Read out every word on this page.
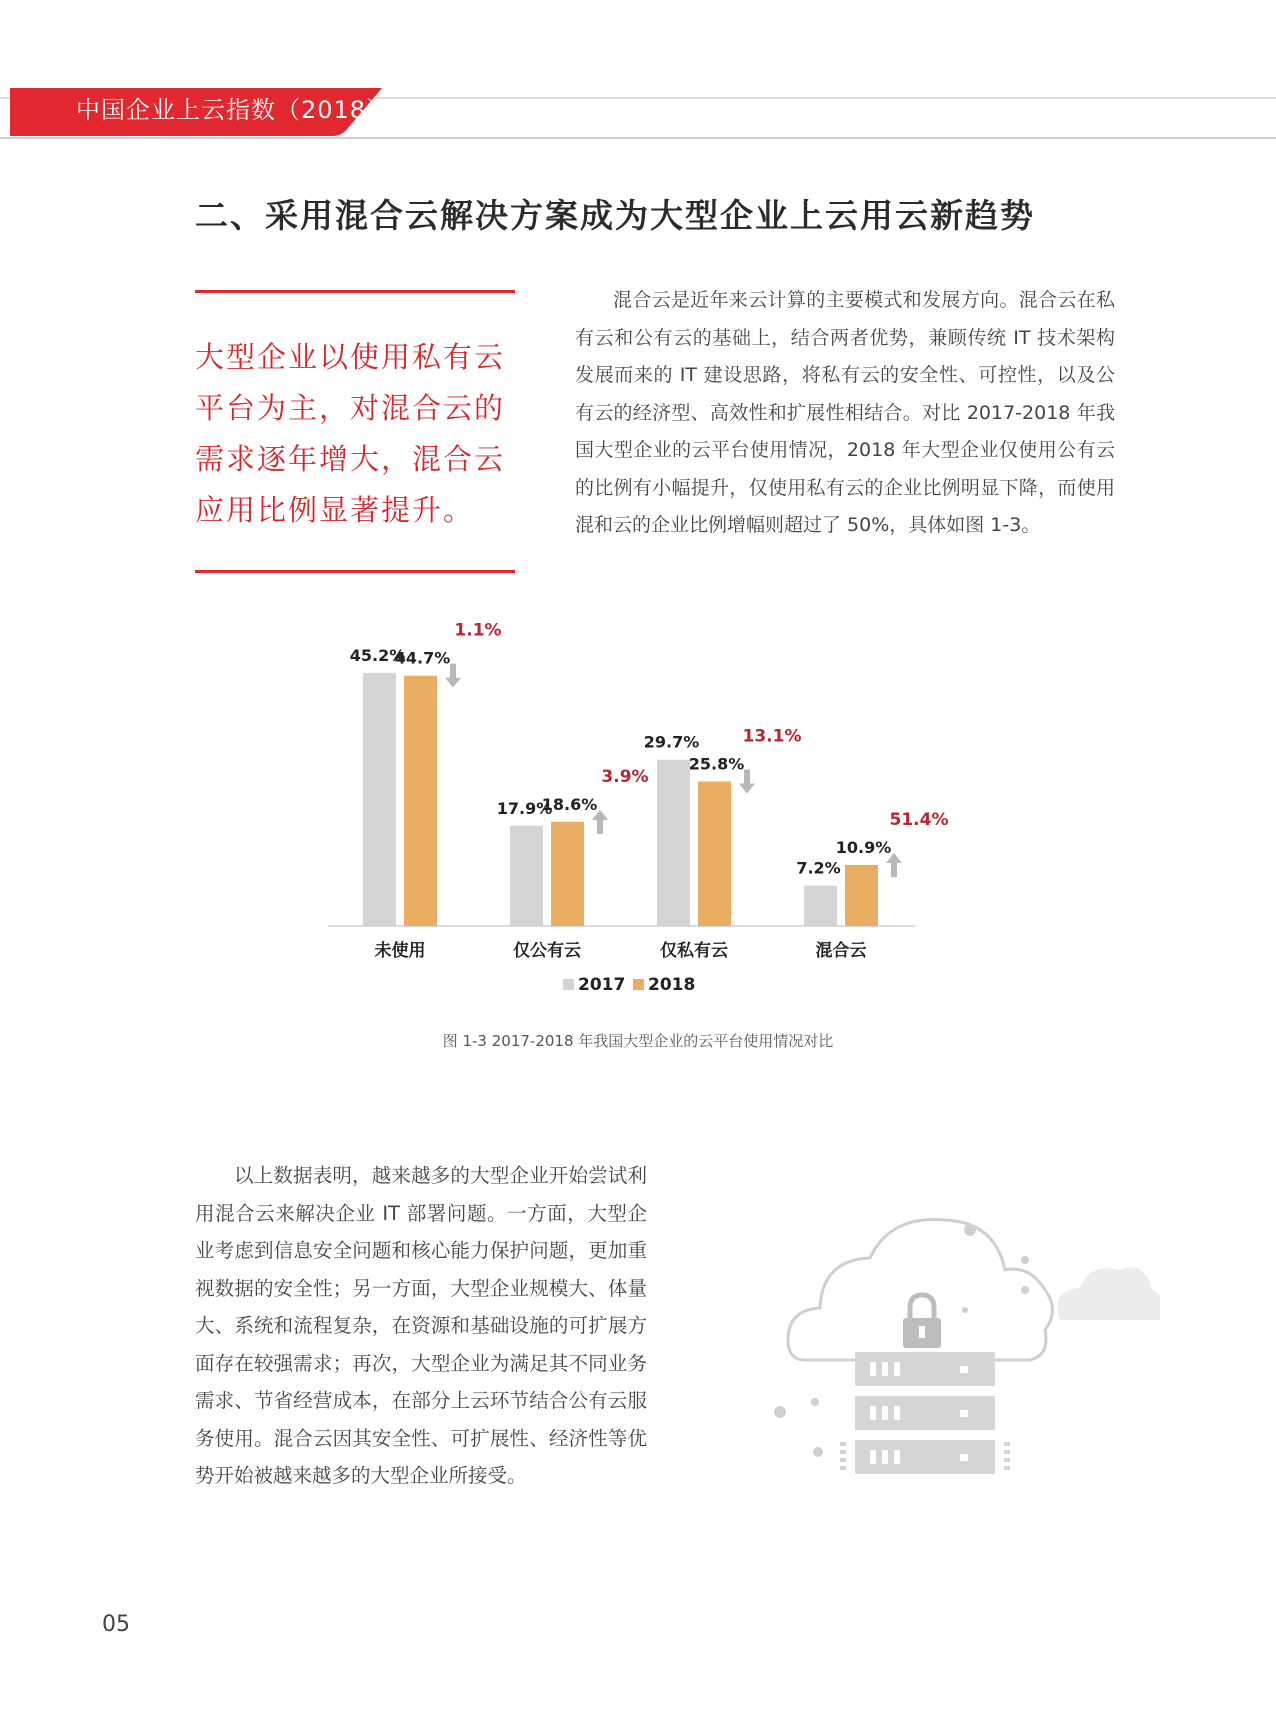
中国企业上云指数（2018）
二、采用混合云解决方案成为大型企业上云用云新趋势
大型企业以使用私有云平台为主，对混合云的需求逐年增大，混合云应用比例显著提升。
混合云是近年来云计算的主要模式和发展方向。混合云在私有云和公有云的基础上，结合两者优势，兼顾传统 IT 技术架构发展而来的 IT 建设思路，将私有云的安全性、可控性，以及公有云的经济型、高效性和扩展性相结合。对比 2017-2018 年我国大型企业的云平台使用情况，2018 年大型企业仅使用公有云的比例有小幅提升，仅使用私有云的企业比例明显下降，而使用混和云的企业比例增幅则超过了 50%，具体如图 1-3。
45.2%
44.7%
1.1%
未使用
17.9%
18.6%
3.9%
仅公有云
29.7%
25.8%
13.1%
仅私有云
7.2%
10.9%
51.4%
混合云
2017 2018
图 1-3 2017-2018 年我国大型企业的云平台使用情况对比
以上数据表明，越来越多的大型企业开始尝试利用混合云来解决企业 IT 部署问题。一方面，大型企业考虑到信息安全问题和核心能力保护问题，更加重视数据的安全性；另一方面，大型企业规模大、体量大、系统和流程复杂，在资源和基础设施的可扩展方面存在较强需求；再次，大型企业为满足其不同业务需求、节省经营成本，在部分上云环节结合公有云服务使用。混合云因其安全性、可扩展性、经济性等优势开始被越来越多的大型企业所接受。
05
